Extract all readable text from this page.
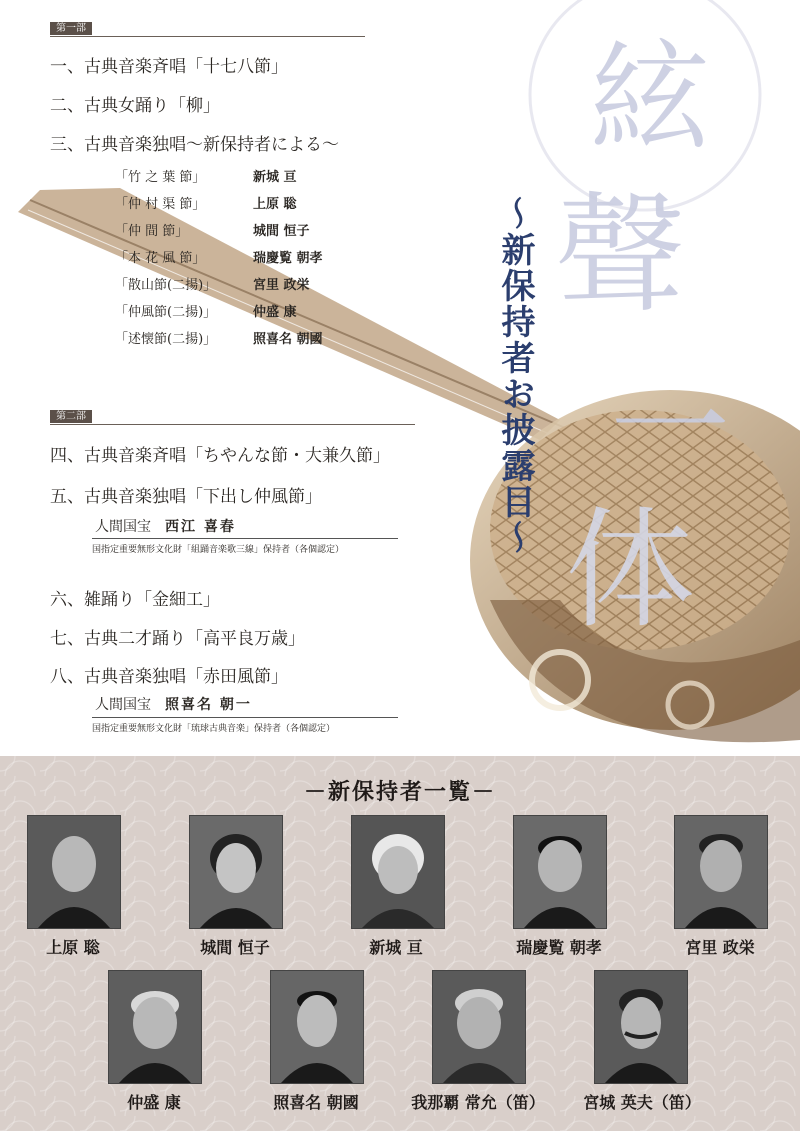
絃
聲
一
体
～新保持者お披露目～
第一部
一、古典音楽斉唱「十七八節」
二、古典女踊り「柳」
三、古典音楽独唱～新保持者による～
「竹 之 葉 節」	新城 亘
「仲 村 渠 節」	上原 聡
「仲 間 節」	城間 恒子
「本 花 風 節」	瑞慶覧 朝孝
「散山節(二揚)」	宮里 政栄
「仲風節(二揚)」	仲盛 康
「述懐節(二揚)」	照喜名 朝國
第二部
四、古典音楽斉唱「ちやんな節・大兼久節」
五、古典音楽独唱「下出し仲風節」
人間国宝 西江 喜春
国指定重要無形文化財「組踊音楽歌三線」保持者（各個認定）
六、雑踊り「金細工」
七、古典二才踊り「高平良万歳」
八、古典音楽独唱「赤田風節」
人間国宝 照喜名 朝一
国指定重要無形文化財「琉球古典音楽」保持者（各個認定）
－新保持者一覧－
上原 聡	城間 恒子	新城 亘	瑞慶覧 朝孝	宮里 政栄
仲盛 康	照喜名 朝國	我那覇 常允（笛）	宮城 英夫（笛）
